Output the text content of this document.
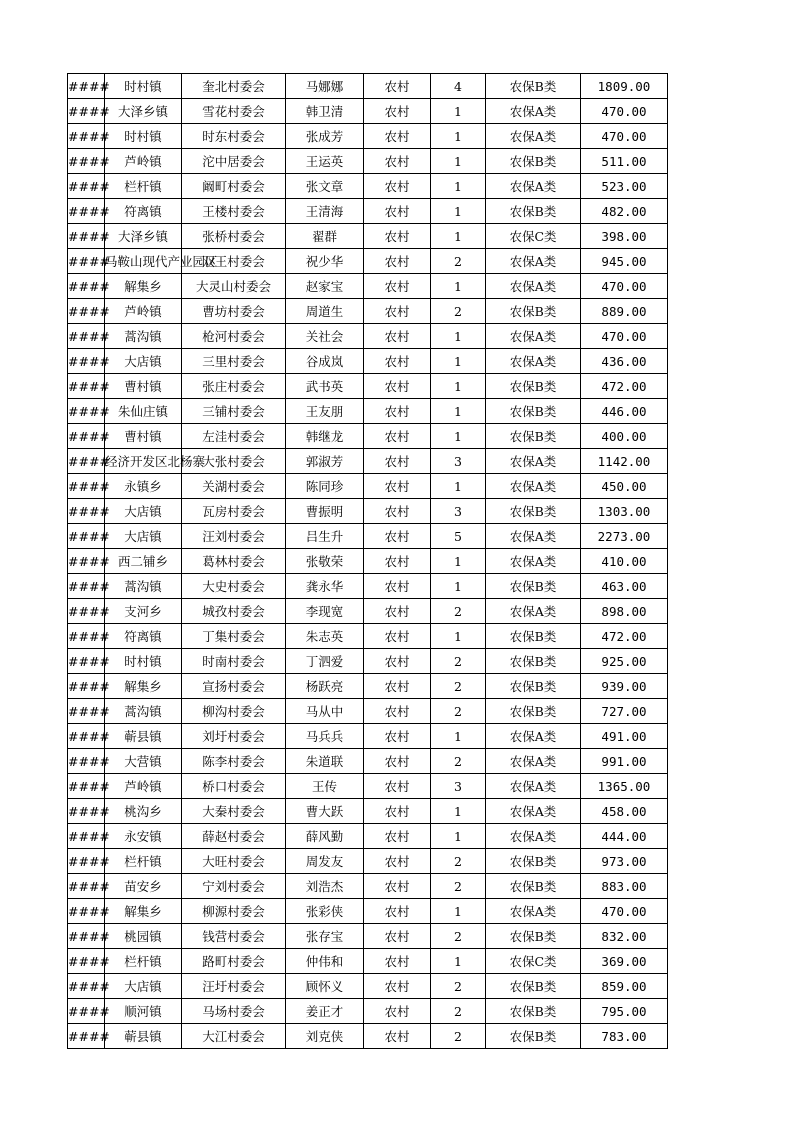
####	时村镇	奎北村委会	马娜娜	农村	4	农保B类	1809.00
####	大泽乡镇	雪花村委会	韩卫清	农村	1	农保A类	470.00
####	时村镇	时东村委会	张成芳	农村	1	农保A类	470.00
####	芦岭镇	沱中居委会	王运英	农村	1	农保B类	511.00
####	栏杆镇	阚町村委会	张文章	农村	1	农保A类	523.00
####	符离镇	王楼村委会	王清海	农村	1	农保B类	482.00
####	大泽乡镇	张桥村委会	翟群	农村	1	农保C类	398.00
####	马鞍山现代产业园区	双王村委会	祝少华	农村	2	农保A类	945.00
####	解集乡	大灵山村委会	赵家宝	农村	1	农保A类	470.00
####	芦岭镇	曹坊村委会	周道生	农村	2	农保B类	889.00
####	蒿沟镇	枪河村委会	关社会	农村	1	农保A类	470.00
####	大店镇	三里村委会	谷成岚	农村	1	农保A类	436.00
####	曹村镇	张庄村委会	武书英	农村	1	农保B类	472.00
####	朱仙庄镇	三铺村委会	王友朋	农村	1	农保B类	446.00
####	曹村镇	左洼村委会	韩继龙	农村	1	农保B类	400.00
####	经济开发区北杨寨	大张村委会	郭淑芳	农村	3	农保A类	1142.00
####	永镇乡	关湖村委会	陈同珍	农村	1	农保A类	450.00
####	大店镇	瓦房村委会	曹振明	农村	3	农保B类	1303.00
####	大店镇	汪刘村委会	吕生升	农村	5	农保A类	2273.00
####	西二铺乡	葛林村委会	张敬荣	农村	1	农保A类	410.00
####	蒿沟镇	大史村委会	龚永华	农村	1	农保B类	463.00
####	支河乡	城孜村委会	李现宽	农村	2	农保A类	898.00
####	符离镇	丁集村委会	朱志英	农村	1	农保B类	472.00
####	时村镇	时南村委会	丁泗爱	农村	2	农保B类	925.00
####	解集乡	宣扬村委会	杨跃亮	农村	2	农保B类	939.00
####	蒿沟镇	柳沟村委会	马从中	农村	2	农保B类	727.00
####	蕲县镇	刘圩村委会	马兵兵	农村	1	农保A类	491.00
####	大营镇	陈李村委会	朱道联	农村	2	农保A类	991.00
####	芦岭镇	桥口村委会	王传	农村	3	农保A类	1365.00
####	桃沟乡	大秦村委会	曹大跃	农村	1	农保A类	458.00
####	永安镇	薛赵村委会	薛风勤	农村	1	农保A类	444.00
####	栏杆镇	大旺村委会	周发友	农村	2	农保B类	973.00
####	苗安乡	宁刘村委会	刘浩杰	农村	2	农保B类	883.00
####	解集乡	柳源村委会	张彩侠	农村	1	农保A类	470.00
####	桃园镇	钱营村委会	张存宝	农村	2	农保B类	832.00
####	栏杆镇	路町村委会	仲伟和	农村	1	农保C类	369.00
####	大店镇	汪圩村委会	顾怀义	农村	2	农保B类	859.00
####	顺河镇	马场村委会	姜正才	农村	2	农保B类	795.00
####	蕲县镇	大江村委会	刘克侠	农村	2	农保B类	783.00
